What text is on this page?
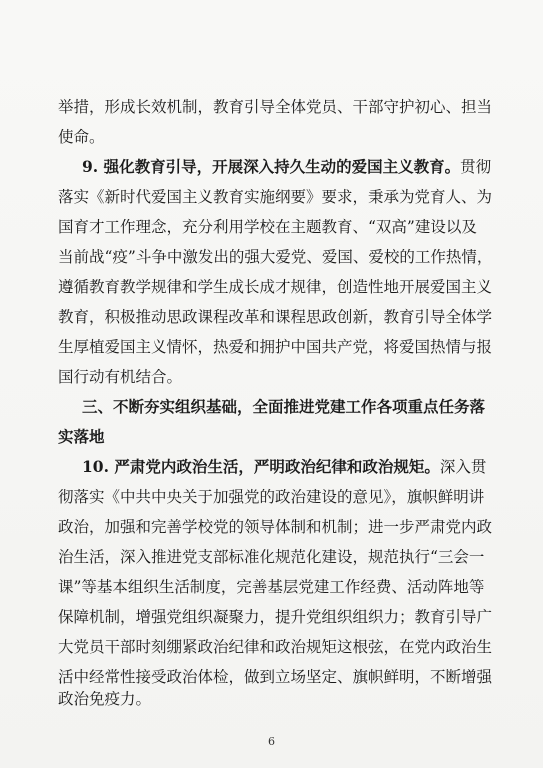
举措，形成长效机制，教育引导全体党员、干部守护初心、担当
使命。
9. 强化教育引导，开展深入持久生动的爱国主义教育。贯彻
落实《新时代爱国主义教育实施纲要》要求，秉承为党育人、为
国育才工作理念，充分利用学校在主题教育、“双高”建设以及
当前战“疫”斗争中激发出的强大爱党、爱国、爱校的工作热情，
遵循教育教学规律和学生成长成才规律，创造性地开展爱国主义
教育，积极推动思政课程改革和课程思政创新，教育引导全体学
生厚植爱国主义情怀，热爱和拥护中国共产党，将爱国热情与报
国行动有机结合。
三、不断夯实组织基础，全面推进党建工作各项重点任务落
实落地
10. 严肃党内政治生活，严明政治纪律和政治规矩。深入贯
彻落实《中共中央关于加强党的政治建设的意见》，旗帜鲜明讲
政治，加强和完善学校党的领导体制和机制；进一步严肃党内政
治生活，深入推进党支部标准化规范化建设，规范执行“三会一
课”等基本组织生活制度，完善基层党建工作经费、活动阵地等
保障机制，增强党组织凝聚力，提升党组织组织力；教育引导广
大党员干部时刻绷紧政治纪律和政治规矩这根弦，在党内政治生
活中经常性接受政治体检，做到立场坚定、旗帜鲜明，不断增强
6
政治免疫力。
